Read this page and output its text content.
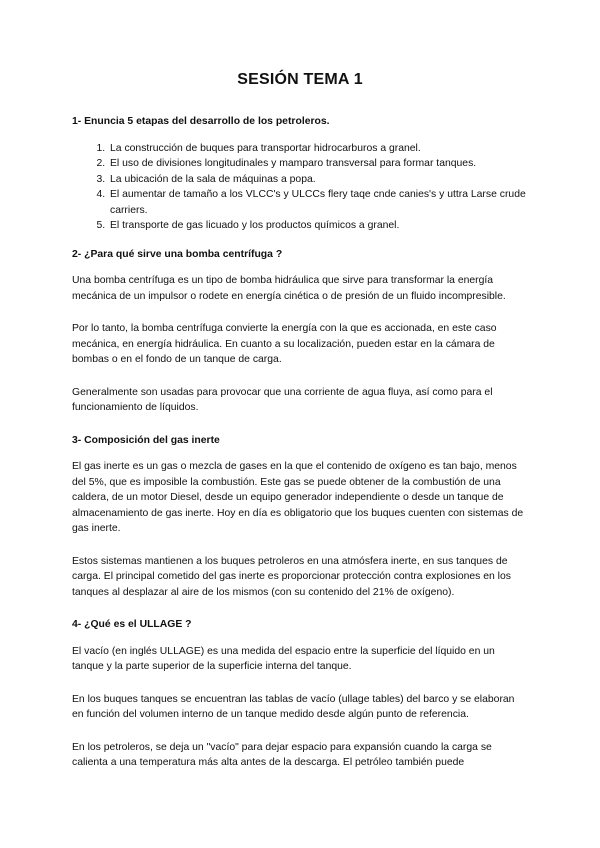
SESIÓN TEMA 1
1- Enuncia 5 etapas del desarrollo de los petroleros.
1. La construcción de buques para transportar hidrocarburos a granel.
2. El uso de divisiones longitudinales y mamparo transversal para formar tanques.
3. La ubicación de la sala de máquinas a popa.
4. El aumentar de tamaño a los VLCC's y ULCCs flery taqe cnde canies's y uttra Larse crude carriers.
5. El transporte de gas licuado y los productos químicos a granel.
2- ¿Para qué sirve una bomba centrífuga ?

Una bomba centrífuga es un tipo de bomba hidráulica que sirve para transformar la energía mecánica de un impulsor o rodete en energía cinética o de presión de un fluido incompresible.

Por lo tanto, la bomba centrífuga convierte la energía con la que es accionada, en este caso mecánica, en energía hidráulica. En cuanto a su localización, pueden estar en la cámara de bombas o en el fondo de un tanque de carga.

Generalmente son usadas para provocar que una corriente de agua fluya, así como para el funcionamiento de líquidos.

3- Composición del gas inerte

El gas inerte es un gas o mezcla de gases en la que el contenido de oxígeno es tan bajo, menos del 5%, que es imposible la combustión. Este gas se puede obtener de la combustión de una caldera, de un motor Diesel, desde un equipo generador independiente o desde un tanque de almacenamiento de gas inerte. Hoy en día es obligatorio que los buques cuenten con sistemas de gas inerte.

Estos sistemas mantienen a los buques petroleros en una atmósfera inerte, en sus tanques de carga. El principal cometido del gas inerte es proporcionar protección contra explosiones en los tanques al desplazar al aire de los mismos (con su contenido del 21% de oxígeno).

4- ¿Qué es el ULLAGE ?

El vacío (en inglés ULLAGE) es una medida del espacio entre la superficie del líquido en un tanque y la parte superior de la superficie interna del tanque.

En los buques tanques se encuentran las tablas de vacío (ullage tables) del barco y se elaboran en función del volumen interno de un tanque medido desde algún punto de referencia.

En los petroleros, se deja un "vacío" para dejar espacio para expansión cuando la carga se calienta a una temperatura más alta antes de la descarga. El petróleo también puede
